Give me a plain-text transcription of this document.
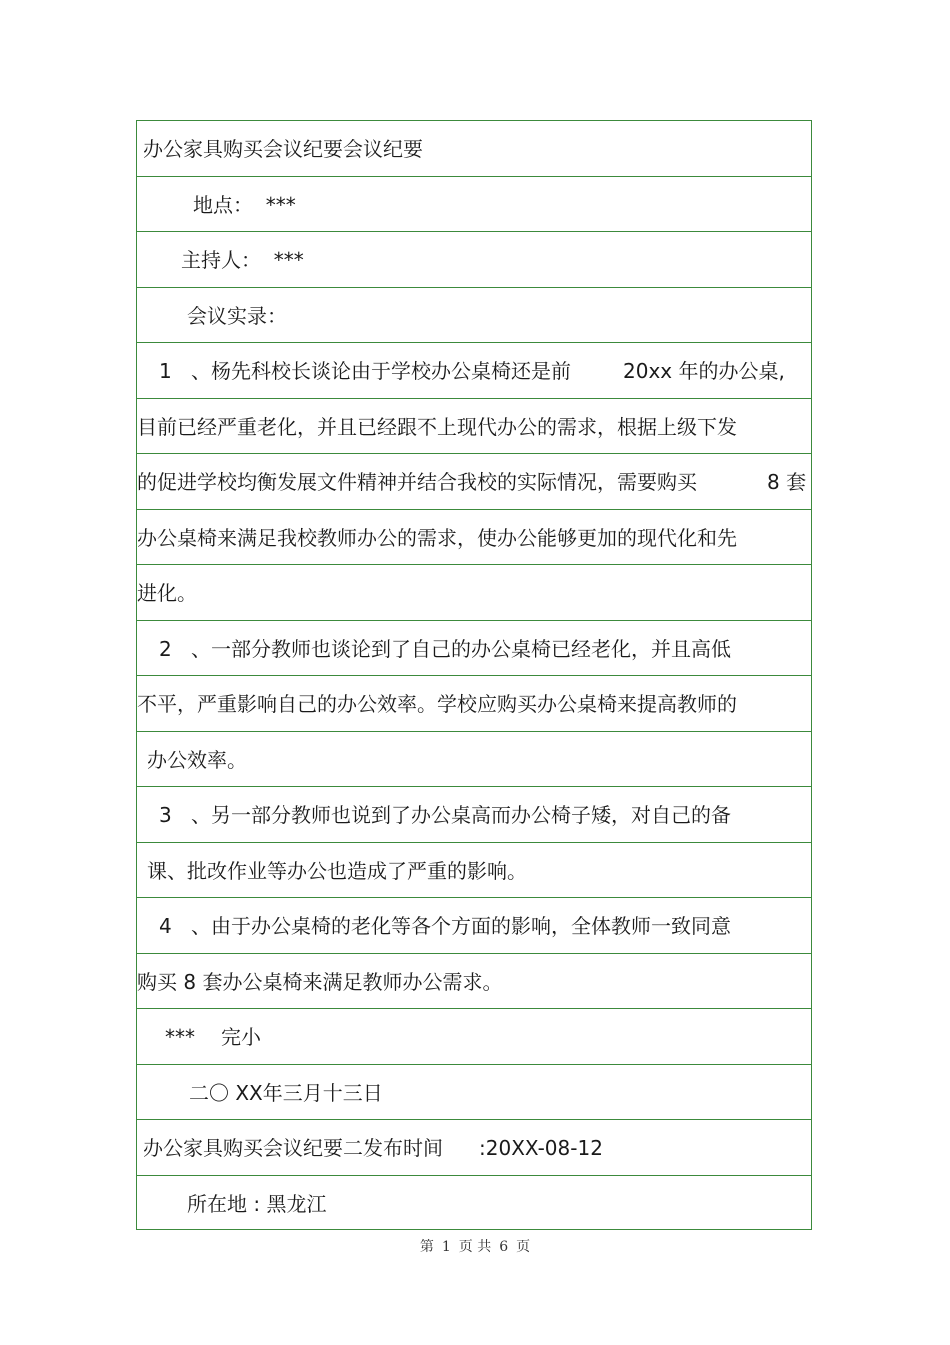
办公家具购买会议纪要会议纪要
地点：  ***
主持人：  ***
会议实录：
1 、杨先科校长谈论由于学校办公桌椅还是前	20xx 年的办公桌,
目前已经严重老化，并且已经跟不上现代办公的需求，根据上级下发
的促进学校均衡发展文件精神并结合我校的实际情况，需要购买	8 套
办公桌椅来满足我校教师办公的需求，使办公能够更加的现代化和先
进化。
2 、一部分教师也谈论到了自己的办公桌椅已经老化，并且高低
不平，严重影响自己的办公效率。学校应购买办公桌椅来提高教师的
办公效率。
3 、另一部分教师也说到了办公桌高而办公椅子矮，对自己的备
课、批改作业等办公也造成了严重的影响。
4 、由于办公桌椅的老化等各个方面的影响，全体教师一致同意
购买 8 套办公桌椅来满足教师办公需求。
*** 完小
二〇 XX年三月十三日
办公家具购买会议纪要二发布时间 :20XX-08-12
所在地 : 黑龙江
第 1 页 共 6 页
